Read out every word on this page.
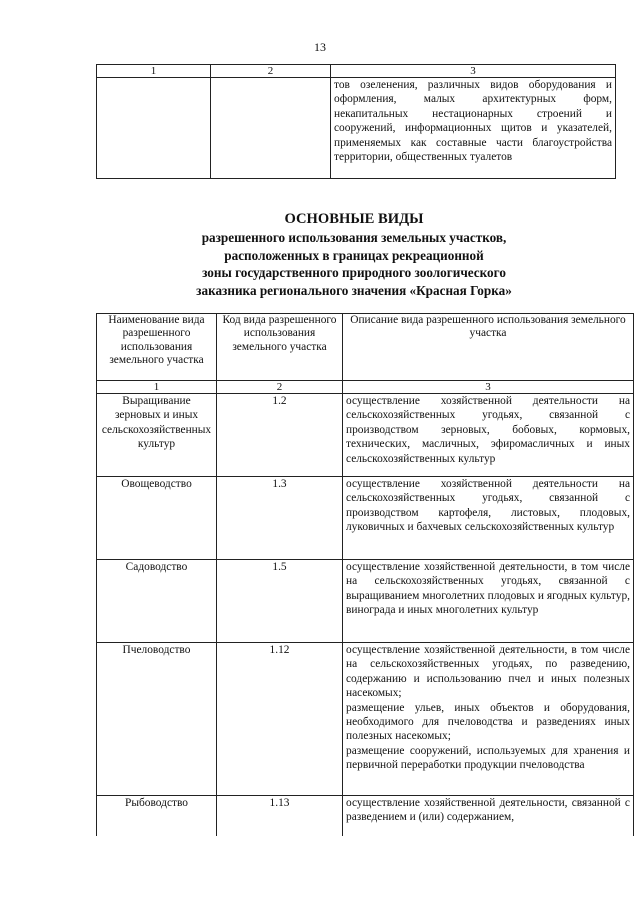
13
1	2	3
		тов озеленения, различных видов оборудования и оформления, малых архитектурных форм, некапитальных нестационарных строений и сооружений, информационных щитов и указателей, применяемых как составные части благоустройства территории, общественных туалетов
ОСНОВНЫЕ ВИДЫ
разрешенного использования земельных участков,
расположенных в границах рекреационной
зоны государственного природного зоологического
заказника регионального значения «Красная Горка»
Наименование вида разрешенного использования земельного участка	Код вида разрешенного использования земельного участка	Описание вида разрешенного использования земельного участка
1	2	3
Выращивание зерновых и иных сельскохозяйственных культур	1.2	осуществление хозяйственной деятельности на сельскохозяйственных угодьях, связанной с производством зерновых, бобовых, кормовых, технических, масличных, эфиромасличных и иных сельскохозяйственных культур
Овощеводство	1.3	осуществление хозяйственной деятельности на сельскохозяйственных угодьях, связанной с производством картофеля, листовых, плодовых, луковичных и бахчевых сельскохозяйственных культур
Садоводство	1.5	осуществление хозяйственной деятельности, в том числе на сельскохозяйственных угодьях, связанной с выращиванием многолетних плодовых и ягодных культур, винограда и иных многолетних культур
Пчеловодство	1.12	осуществление хозяйственной деятельности, в том числе на сельскохозяйственных угодьях, по разведению, содержанию и использованию пчел и иных полезных насекомых;
размещение ульев, иных объектов и оборудования, необходимого для пчеловодства и разведениях иных полезных насекомых;
размещение сооружений, используемых для хранения и первичной переработки продукции пчеловодства
Рыбоводство	1.13	осуществление хозяйственной деятельности, связанной с разведением и (или) содержанием,
